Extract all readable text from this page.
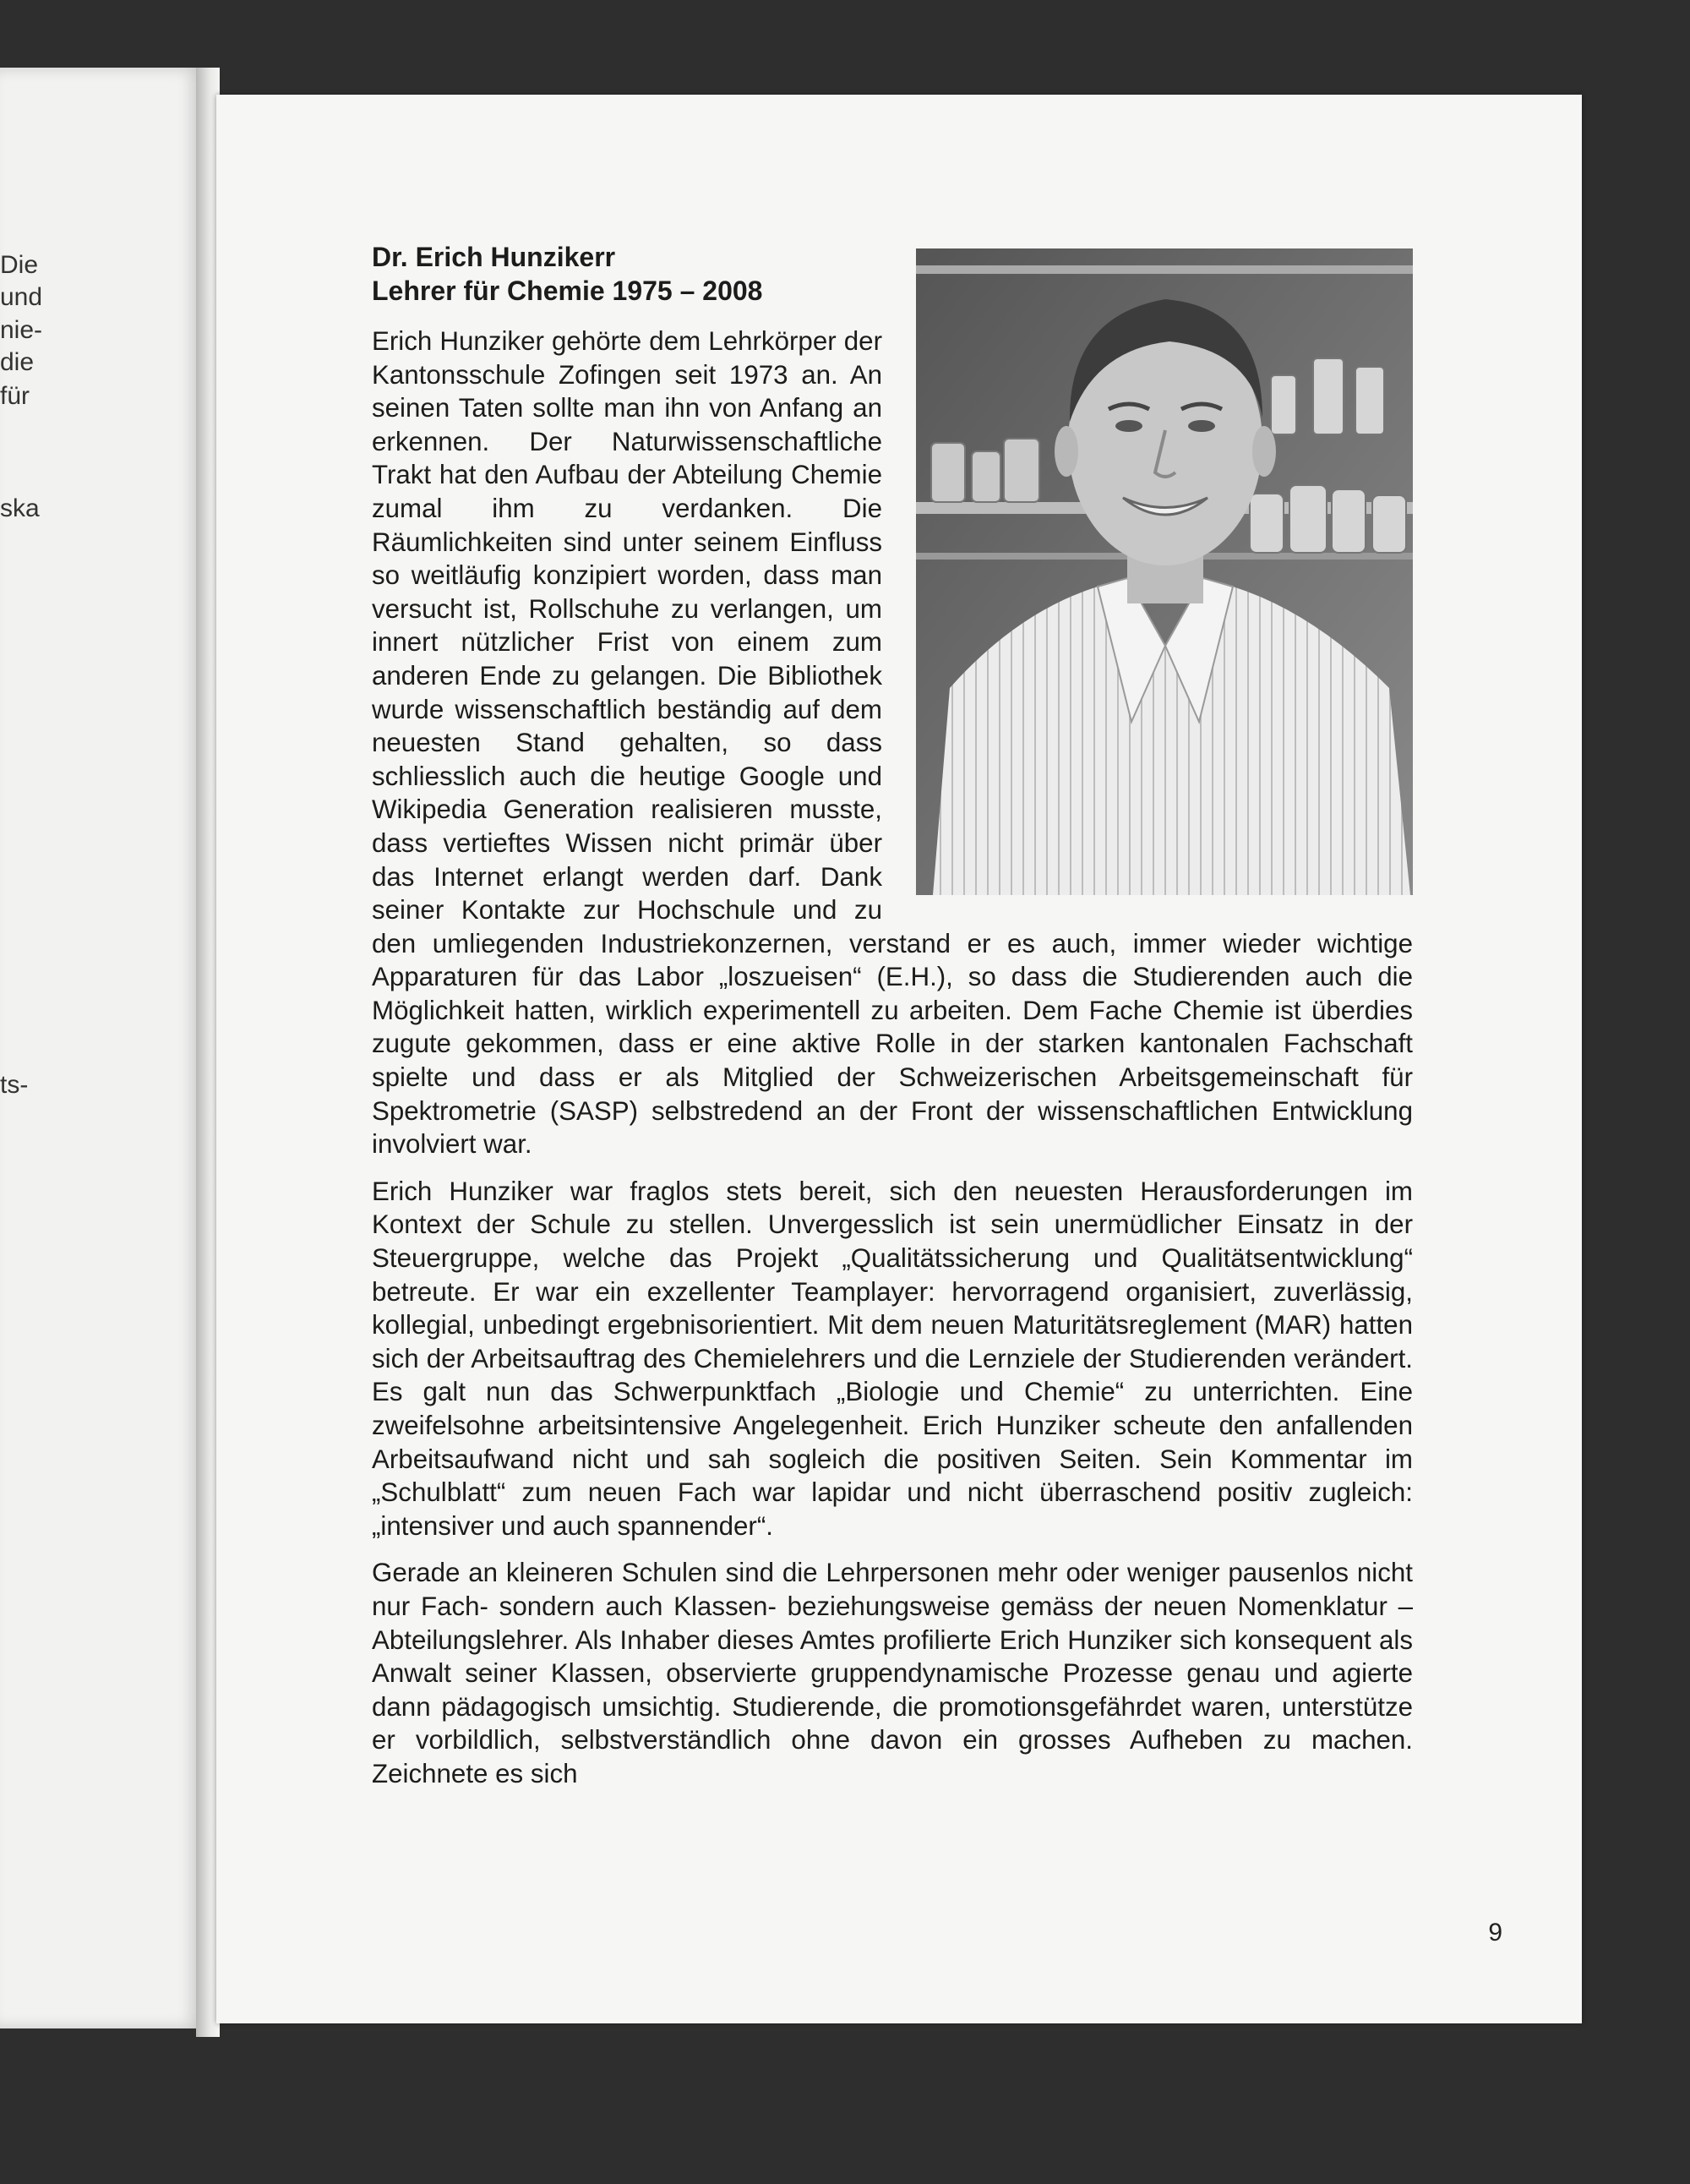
Die
und
nie-
die
für
ska
ts-
Dr. Erich Hunzikerr
Lehrer für Chemie 1975 – 2008

Erich Hunziker gehörte dem Lehrkörper der Kantonsschule Zofingen seit 1973 an. An seinen Taten sollte man ihn von Anfang an erkennen. Der Naturwissenschaftliche Trakt hat den Aufbau der Abteilung Chemie zumal ihm zu verdanken. Die Räumlichkeiten sind unter seinem Einfluss so weitläufig konzipiert worden, dass man versucht ist, Rollschuhe zu verlangen, um innert nützlicher Frist von einem zum anderen Ende zu gelangen. Die Bibliothek wurde wissenschaftlich beständig auf dem neuesten Stand gehalten, so dass schliesslich auch die heutige Google und Wikipedia Generation realisieren musste, dass vertieftes Wissen nicht primär über das Internet erlangt werden darf. Dank seiner Kontakte zur Hochschule und zu den umliegenden Industriekonzernen, verstand er es auch, immer wieder wichtige Apparaturen für das Labor „loszueisen“ (E.H.), so dass die Studierenden auch die Möglichkeit hatten, wirklich experimentell zu arbeiten. Dem Fache Chemie ist überdies zugute gekommen, dass er eine aktive Rolle in der starken kantonalen Fachschaft spielte und dass er als Mitglied der Schweizerischen Arbeitsgemeinschaft für Spektrometrie (SASP) selbstredend an der Front der wissenschaftlichen Entwicklung involviert war.

Erich Hunziker war fraglos stets bereit, sich den neuesten Herausforderungen im Kontext der Schule zu stellen. Unvergesslich ist sein unermüdlicher Einsatz in der Steuergruppe, welche das Projekt „Qualitätssicherung und Qualitätsentwicklung“ betreute. Er war ein exzellenter Teamplayer: hervorragend organisiert, zuverlässig, kollegial, unbedingt ergebnisorientiert. Mit dem neuen Maturitätsreglement (MAR) hatten sich der Arbeitsauftrag des Chemielehrers und die Lernziele der Studierenden verändert. Es galt nun das Schwerpunktfach „Biologie und Chemie“ zu unterrichten. Eine zweifelsohne arbeitsintensive Angelegenheit. Erich Hunziker scheute den anfallenden Arbeitsaufwand nicht und sah sogleich die positiven Seiten. Sein Kommentar im „Schulblatt“ zum neuen Fach war lapidar und nicht überraschend positiv zugleich: „intensiver und auch spannender“.

Gerade an kleineren Schulen sind die Lehrpersonen mehr oder weniger pausenlos nicht nur Fach- sondern auch Klassen- beziehungsweise gemäss der neuen Nomenklatur – Abteilungslehrer. Als Inhaber dieses Amtes profilierte Erich Hunziker sich konsequent als Anwalt seiner Klassen, observierte gruppendynamische Prozesse genau und agierte dann pädagogisch umsichtig. Studierende, die promotionsgefährdet waren, unterstütze er vorbildlich, selbstverständlich ohne davon ein grosses Aufheben zu machen. Zeichnete es sich

9
